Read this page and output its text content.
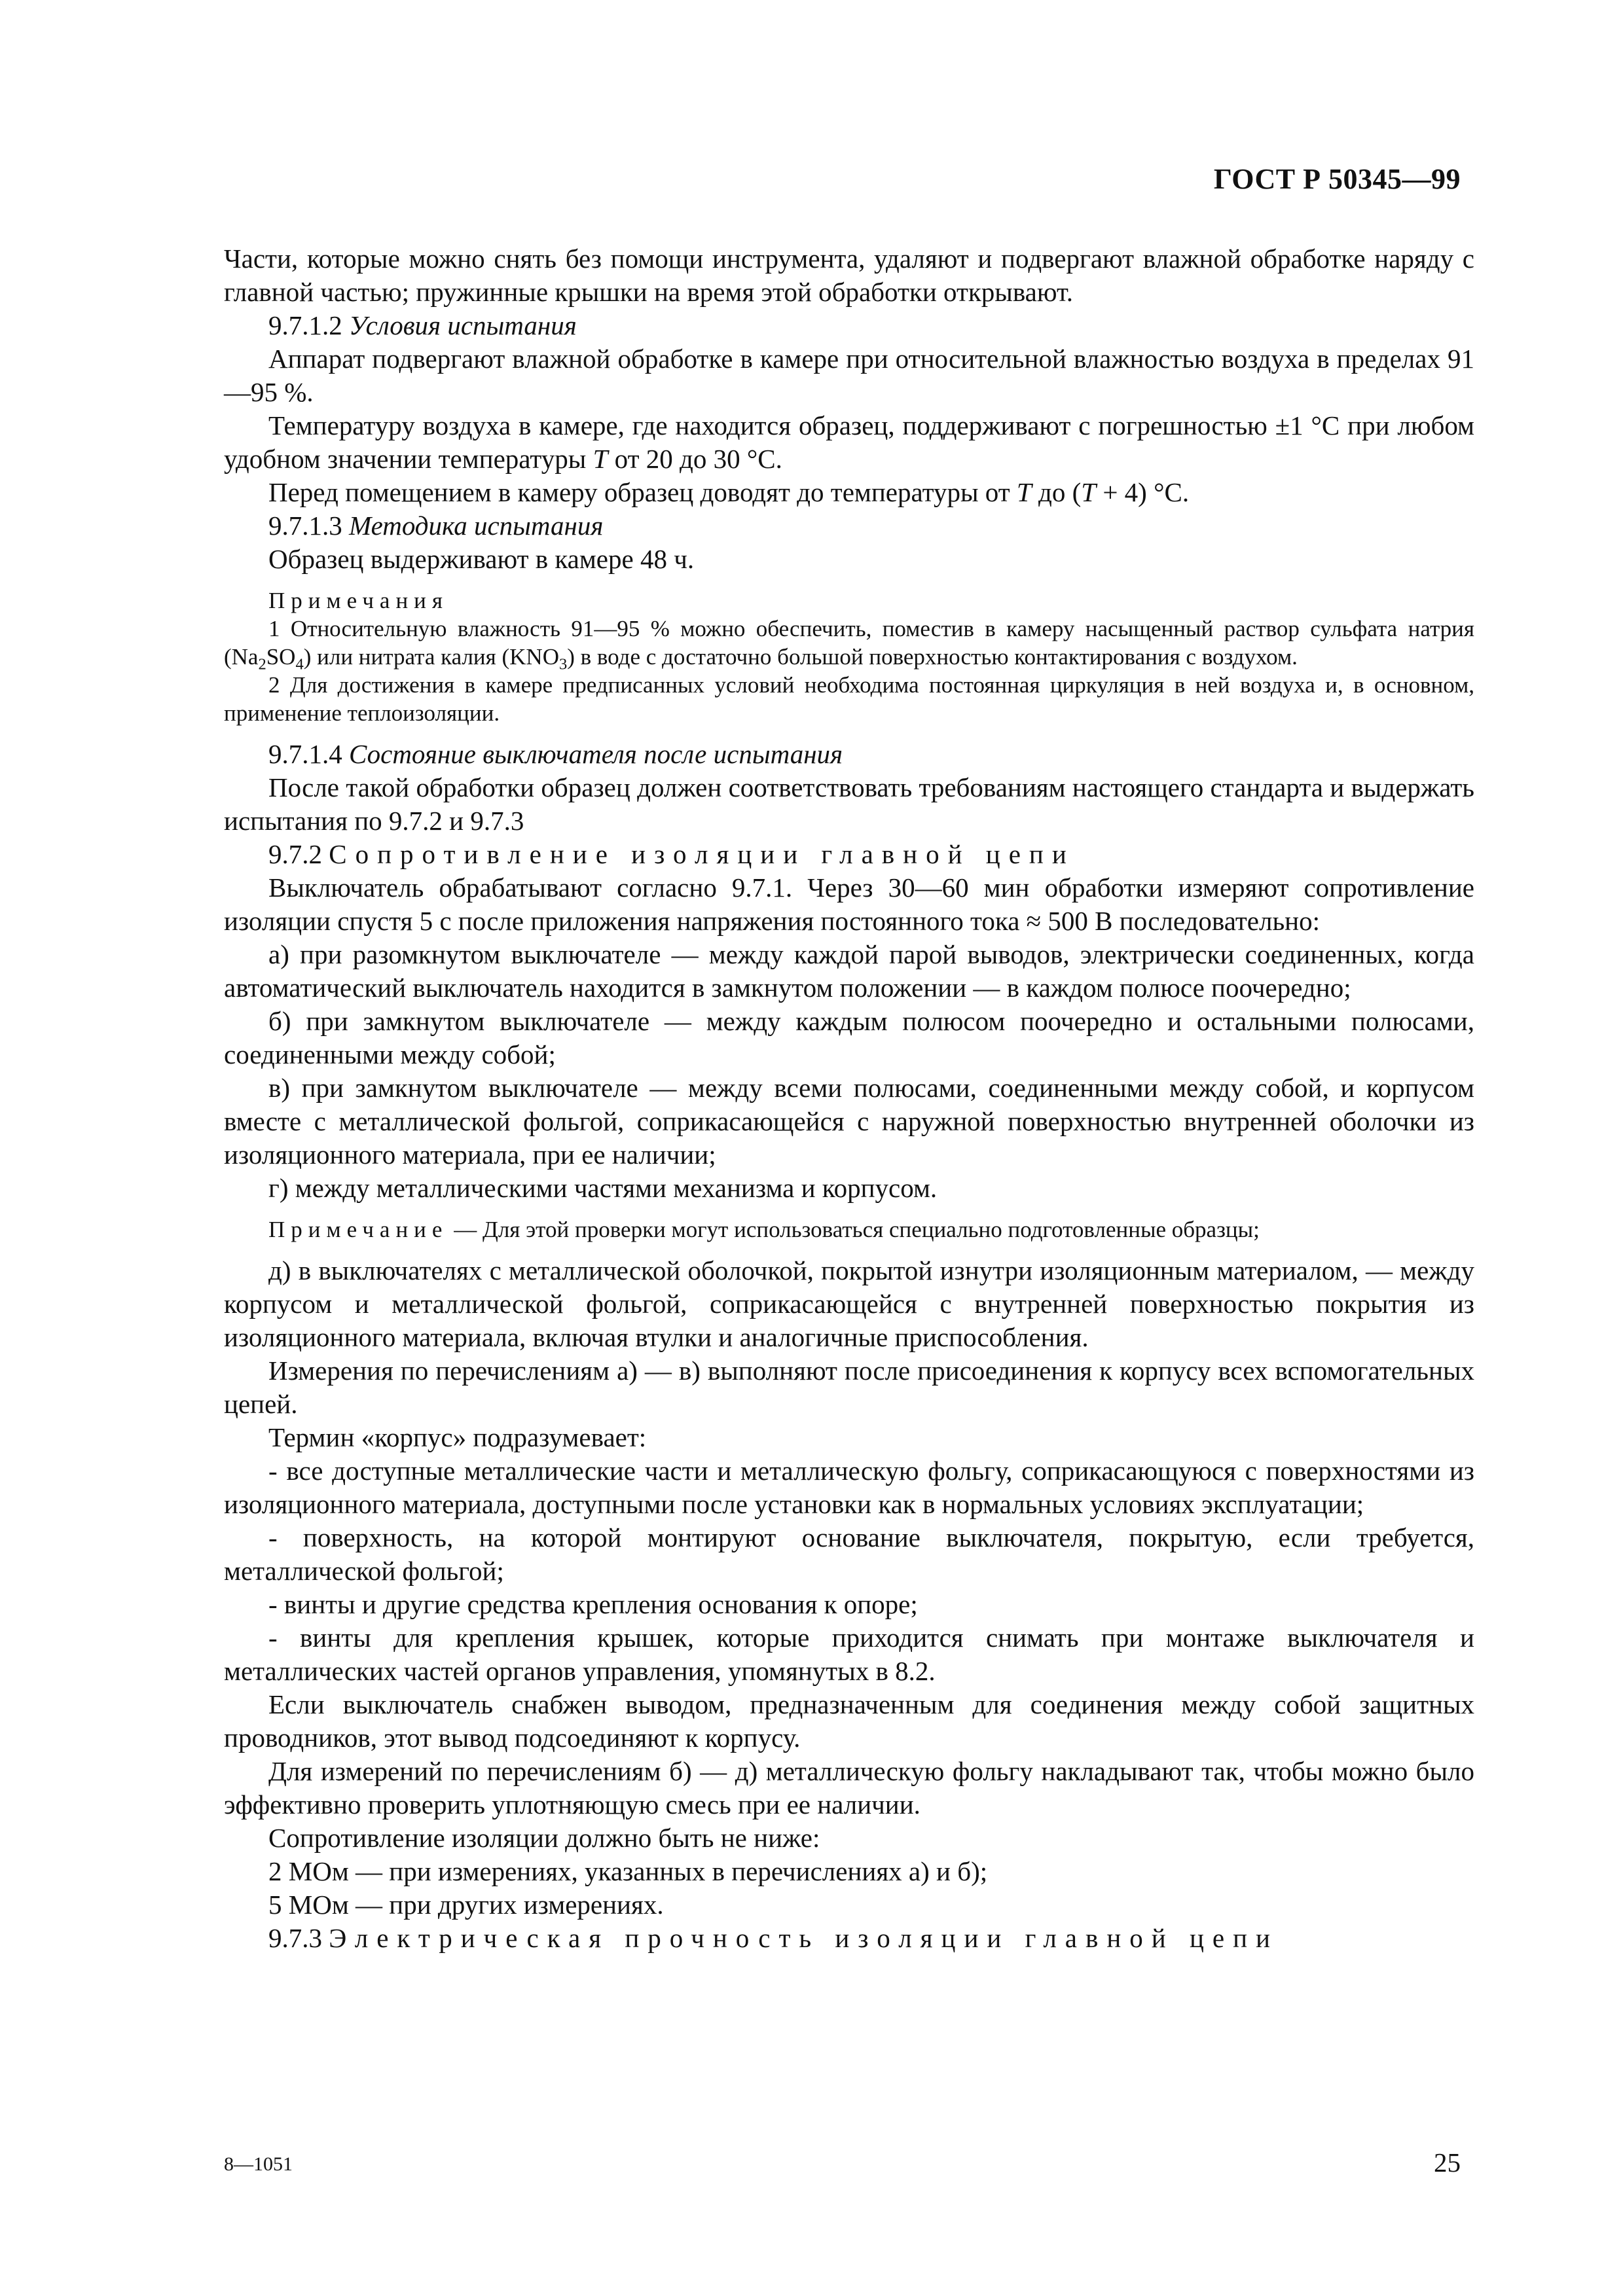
ГОСТ Р 50345—99

Части, которые можно снять без помощи инструмента, удаляют и подвергают влажной обработке наряду с главной частью; пружинные крышки на время этой обработки открывают.

9.7.1.2 Условия испытания

Аппарат подвергают влажной обработке в камере при относительной влажностью воздуха в пределах 91—95 %.

Температуру воздуха в камере, где находится образец, поддерживают с погрешностью ±1 °С при любом удобном значении температуры Т от 20 до 30 °С.

Перед помещением в камеру образец доводят до температуры от Т до (Т + 4) °С.

9.7.1.3 Методика испытания

Образец выдерживают в камере 48 ч.

Примечания

1 Относительную влажность 91—95 % можно обеспечить, поместив в камеру насыщенный раствор сульфата натрия $(Na_2SO_4)$ или нитрата калия $(KNO_3)$ в воде с достаточно большой поверхностью контактирования с воздухом.

2 Для достижения в камере предписанных условий необходима постоянная циркуляция в ней воздуха и, в основном, применение теплоизоляции.

9.7.1.4 Состояние выключателя после испытания

После такой обработки образец должен соответствовать требованиям настоящего стандарта и выдержать испытания по 9.7.2 и 9.7.3

9.7.2 Сопротивление изоляции главной цепи

Выключатель обрабатывают согласно 9.7.1. Через 30—60 мин обработки измеряют сопротивление изоляции спустя 5 с после приложения напряжения постоянного тока ≈ 500 В последовательно:

а) при разомкнутом выключателе — между каждой парой выводов, электрически соединенных, когда автоматический выключатель находится в замкнутом положении — в каждом полюсе поочередно;

б) при замкнутом выключателе — между каждым полюсом поочередно и остальными полюсами, соединенными между собой;

в) при замкнутом выключателе — между всеми полюсами, соединенными между собой, и корпусом вместе с металлической фольгой, соприкасающейся с наружной поверхностью внутренней оболочки из изоляционного материала, при ее наличии;

г) между металлическими частями механизма и корпусом.

Примечание — Для этой проверки могут использоваться специально подготовленные образцы;

д) в выключателях с металлической оболочкой, покрытой изнутри изоляционным материалом, — между корпусом и металлической фольгой, соприкасающейся с внутренней поверхностью покрытия из изоляционного материала, включая втулки и аналогичные приспособления.

Измерения по перечислениям а) — в) выполняют после присоединения к корпусу всех вспомогательных цепей.

Термин «корпус» подразумевает:

- все доступные металлические части и металлическую фольгу, соприкасающуюся с поверхностями из изоляционного материала, доступными после установки как в нормальных условиях эксплуатации;

- поверхность, на которой монтируют основание выключателя, покрытую, если требуется, металлической фольгой;

- винты и другие средства крепления основания к опоре;

- винты для крепления крышек, которые приходится снимать при монтаже выключателя и металлических частей органов управления, упомянутых в 8.2.

Если выключатель снабжен выводом, предназначенным для соединения между собой защитных проводников, этот вывод подсоединяют к корпусу.

Для измерений по перечислениям б) — д) металлическую фольгу накладывают так, чтобы можно было эффективно проверить уплотняющую смесь при ее наличии.

Сопротивление изоляции должно быть не ниже:

2 МОм — при измерениях, указанных в перечислениях а) и б);

5 МОм — при других измерениях.

9.7.3 Электрическая прочность изоляции главной цепи

8—1051	25
